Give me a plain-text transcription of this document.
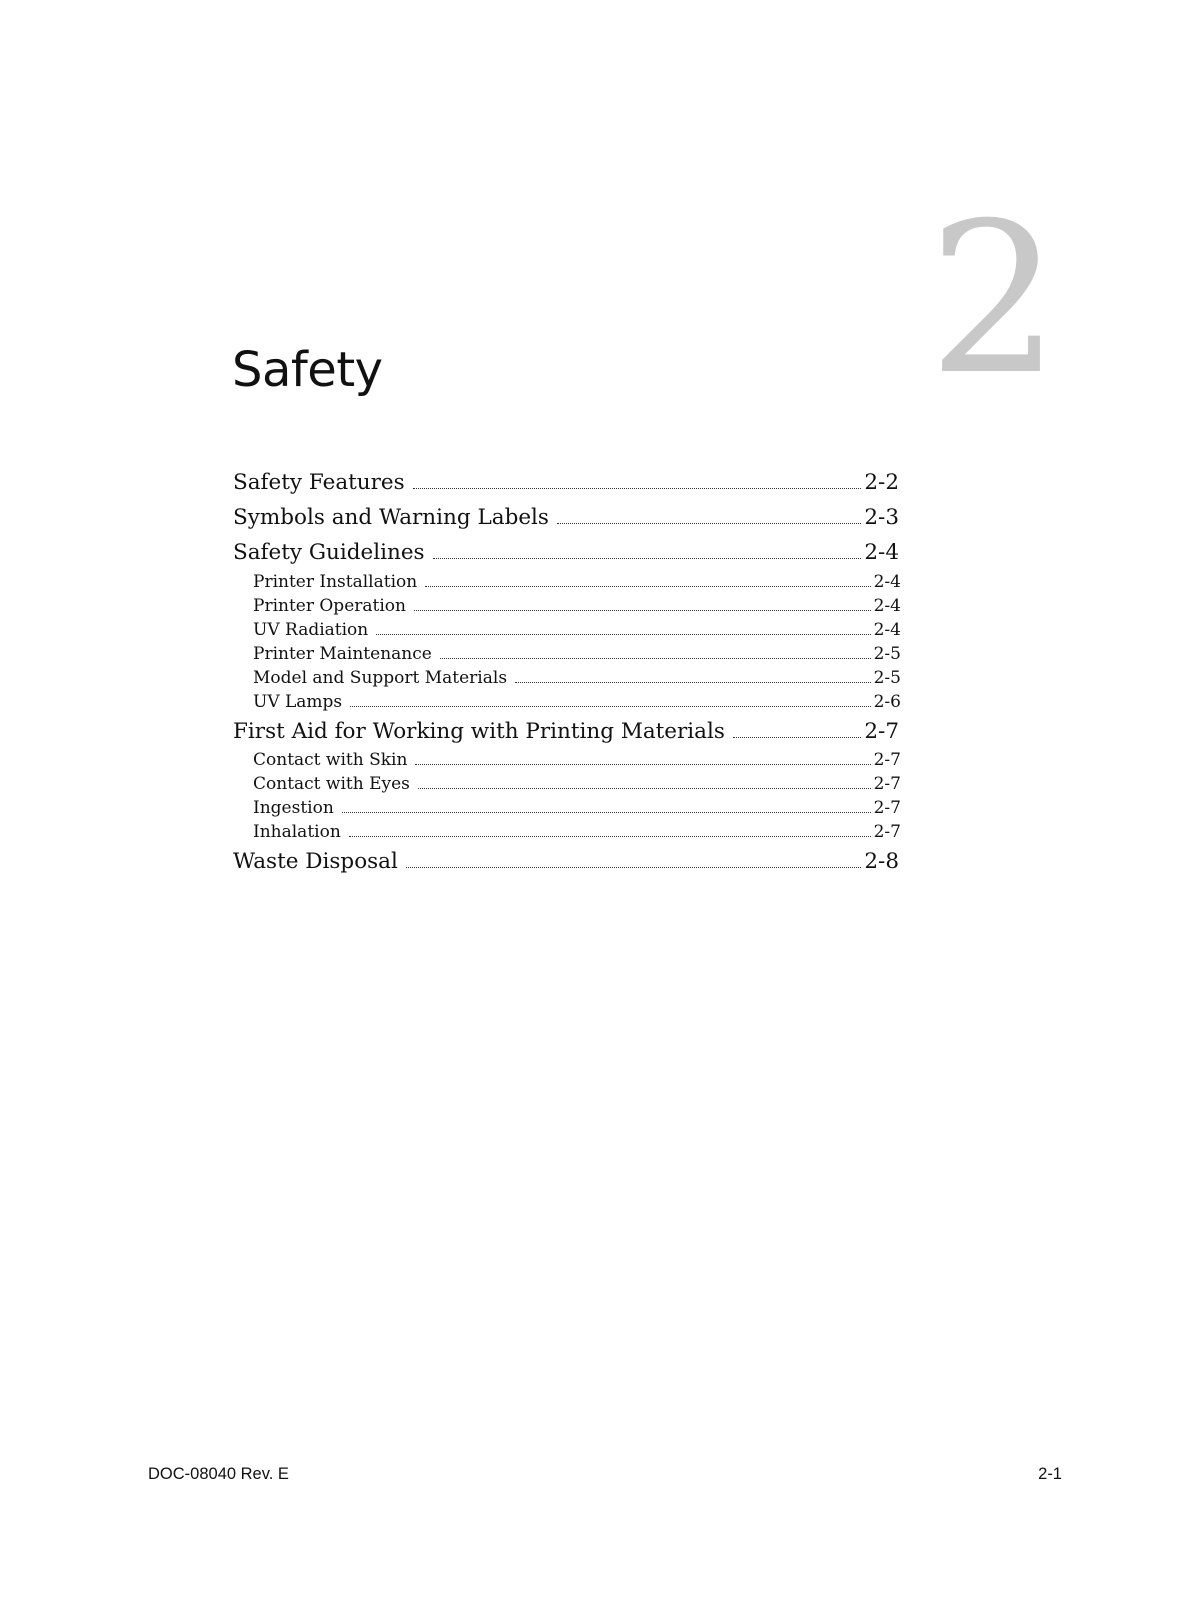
2
Safety
Safety Features	2-2
Symbols and Warning Labels	2-3
Safety Guidelines	2-4
Printer Installation	2-4
Printer Operation	2-4
UV Radiation	2-4
Printer Maintenance	2-5
Model and Support Materials	2-5
UV Lamps	2-6
First Aid for Working with Printing Materials	2-7
Contact with Skin	2-7
Contact with Eyes	2-7
Ingestion	2-7
Inhalation	2-7
Waste Disposal	2-8
DOC-08040 Rev. E	2-1
